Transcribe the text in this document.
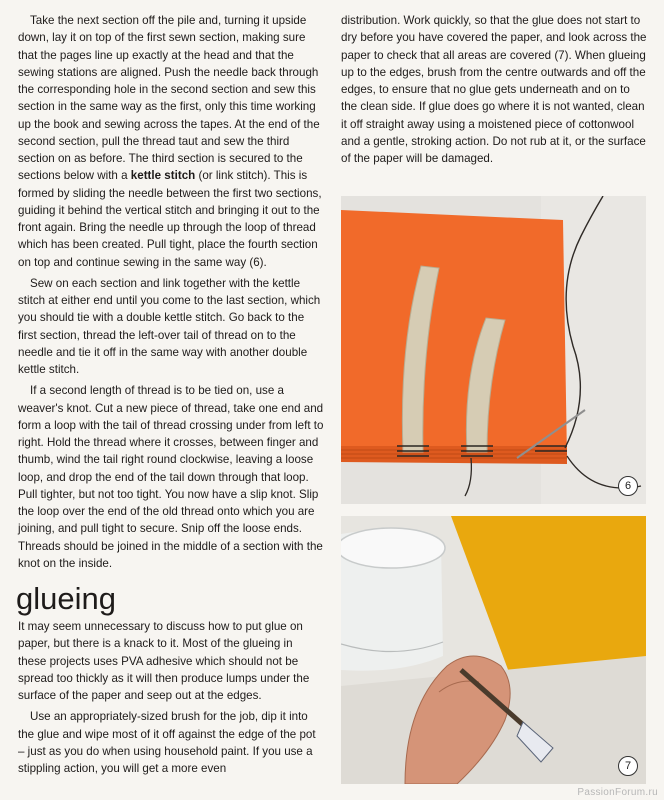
Take the next section off the pile and, turning it upside down, lay it on top of the first sewn section, making sure that the pages line up exactly at the head and that the sewing stations are aligned. Push the needle back through the corresponding hole in the second section and sew this section in the same way as the first, only this time working up the book and sewing across the tapes. At the end of the second section, pull the thread taut and sew the third section on as before. The third section is secured to the sections below with a kettle stitch (or link stitch). This is formed by sliding the needle between the first two sections, guiding it behind the vertical stitch and bringing it out to the front again. Bring the needle up through the loop of thread which has been created. Pull tight, place the fourth section on top and continue sewing in the same way (6).

Sew on each section and link together with the kettle stitch at either end until you come to the last section, which you should tie with a double kettle stitch. Go back to the first section, thread the left-over tail of thread on to the needle and tie it off in the same way with another double kettle stitch.

If a second length of thread is to be tied on, use a weaver's knot. Cut a new piece of thread, take one end and form a loop with the tail of thread crossing under from left to right. Hold the thread where it crosses, between finger and thumb, wind the tail right round clockwise, leaving a loose loop, and drop the end of the tail down through that loop. Pull tighter, but not too tight. You now have a slip knot. Slip the loop over the end of the old thread onto which you are joining, and pull tight to secure. Snip off the loose ends. Threads should be joined in the middle of a section with the knot on the inside.

glueing

It may seem unnecessary to discuss how to put glue on paper, but there is a knack to it. Most of the glueing in these projects uses PVA adhesive which should not be spread too thickly as it will then produce lumps under the surface of the paper and seep out at the edges.

Use an appropriately-sized brush for the job, dip it into the glue and wipe most of it off against the edge of the pot – just as you do when using household paint. If you use a stippling action, you will get a more even

distribution. Work quickly, so that the glue does not start to dry before you have covered the paper, and look across the paper to check that all areas are covered (7). When glueing up to the edges, brush from the centre outwards and off the edges, to ensure that no glue gets underneath and on to the clean side. If glue does go where it is not wanted, clean it off straight away using a moistened piece of cottonwool and a gentle, stroking action. Do not rub at it, or the surface of the paper will be damaged.

6
7
PassionForum.ru
